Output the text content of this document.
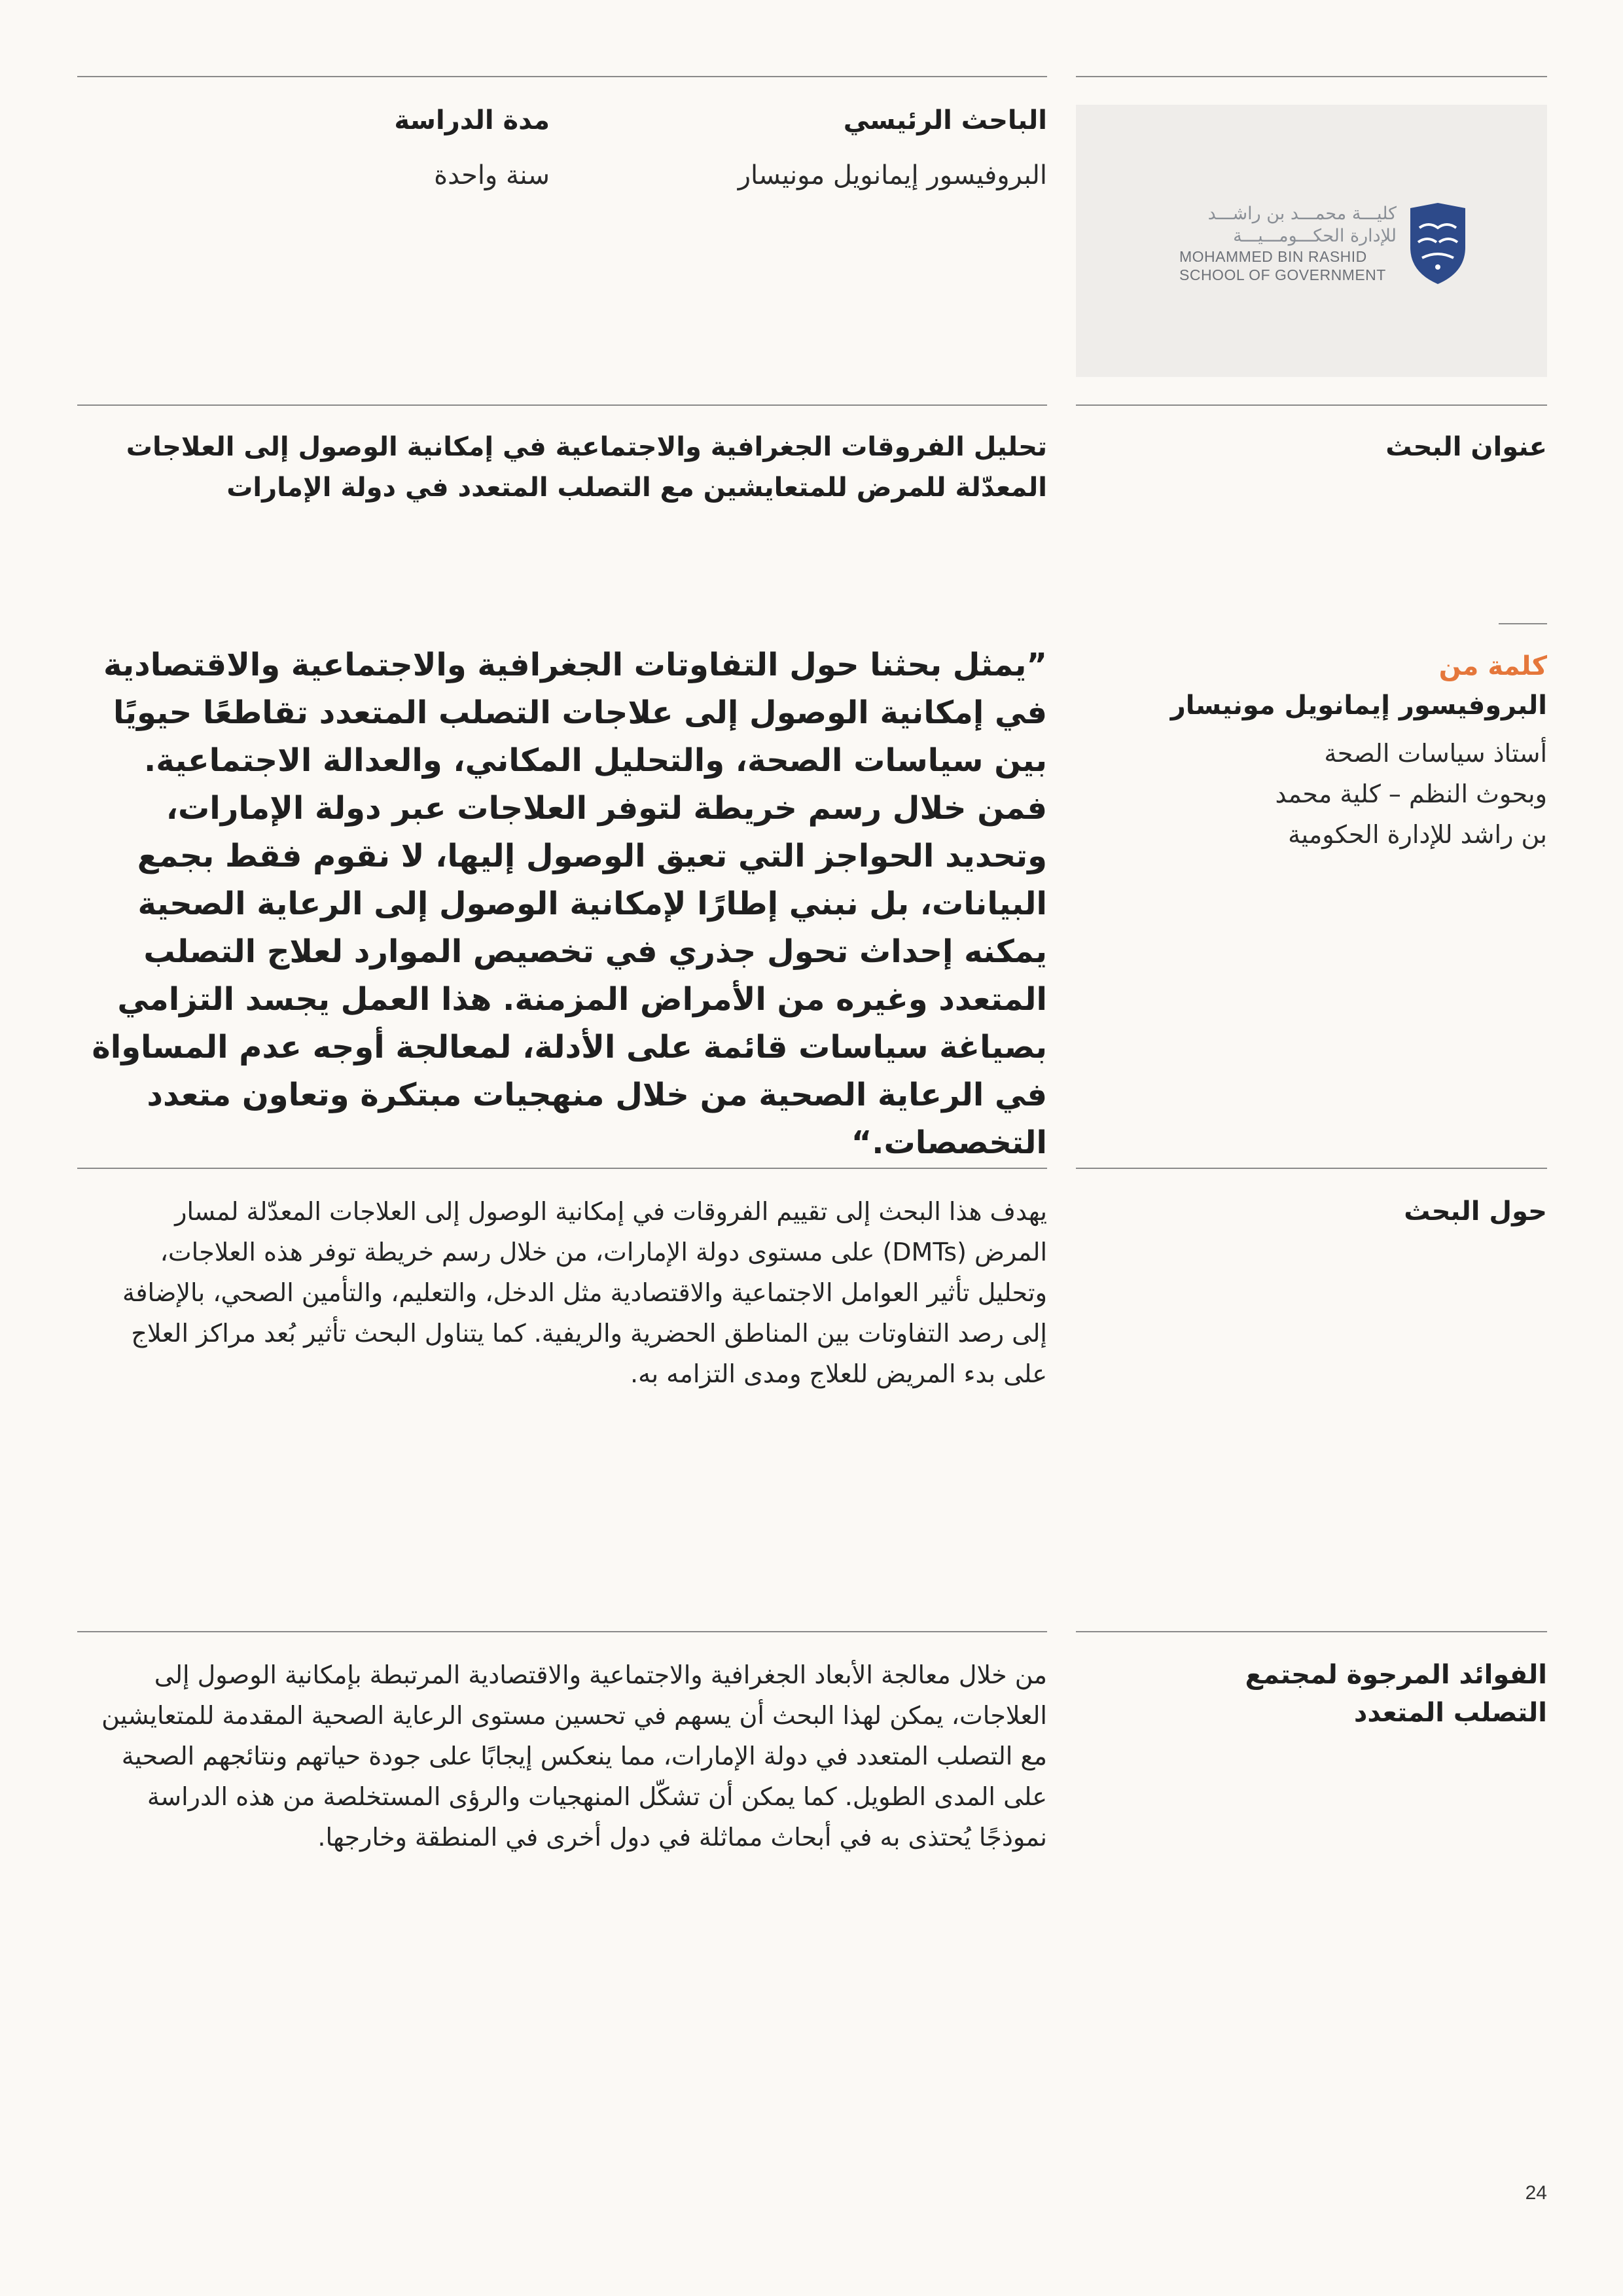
كليـــة محمـــد بن راشـــد
للإدارة الحكـــومـــيـــة
MOHAMMED BIN RASHID
SCHOOL OF GOVERNMENT
الباحث الرئيسي
البروفيسور إيمانويل مونيسار
مدة الدراسة
سنة واحدة
عنوان البحث
تحليل الفروقات الجغرافية والاجتماعية في إمكانية الوصول إلى العلاجات المعدّلة للمرض للمتعايشين مع التصلب المتعدد في دولة الإمارات
كلمة من
البروفيسور إيمانويل مونيسار
أستاذ سياسات الصحة وبحوث النظم – كلية محمد بن راشد للإدارة الحكومية
”يمثل بحثنا حول التفاوتات الجغرافية والاجتماعية والاقتصادية في إمكانية الوصول إلى علاجات التصلب المتعدد تقاطعًا حيويًا بين سياسات الصحة، والتحليل المكاني، والعدالة الاجتماعية. فمن خلال رسم خريطة لتوفر العلاجات عبر دولة الإمارات، وتحديد الحواجز التي تعيق الوصول إليها، لا نقوم فقط بجمع البيانات، بل نبني إطارًا لإمكانية الوصول إلى الرعاية الصحية يمكنه إحداث تحول جذري في تخصيص الموارد لعلاج التصلب المتعدد وغيره من الأمراض المزمنة. هذا العمل يجسد التزامي بصياغة سياسات قائمة على الأدلة، لمعالجة أوجه عدم المساواة في الرعاية الصحية من خلال منهجيات مبتكرة وتعاون متعدد التخصصات.“
حول البحث
يهدف هذا البحث إلى تقييم الفروقات في إمكانية الوصول إلى العلاجات المعدّلة لمسار المرض (DMTs) على مستوى دولة الإمارات، من خلال رسم خريطة توفر هذه العلاجات، وتحليل تأثير العوامل الاجتماعية والاقتصادية مثل الدخل، والتعليم، والتأمين الصحي، بالإضافة إلى رصد التفاوتات بين المناطق الحضرية والريفية. كما يتناول البحث تأثير بُعد مراكز العلاج على بدء المريض للعلاج ومدى التزامه به.
الفوائد المرجوة لمجتمع التصلب المتعدد
من خلال معالجة الأبعاد الجغرافية والاجتماعية والاقتصادية المرتبطة بإمكانية الوصول إلى العلاجات، يمكن لهذا البحث أن يسهم في تحسين مستوى الرعاية الصحية المقدمة للمتعايشين مع التصلب المتعدد في دولة الإمارات، مما ينعكس إيجابًا على جودة حياتهم ونتائجهم الصحية على المدى الطويل. كما يمكن أن تشكّل المنهجيات والرؤى المستخلصة من هذه الدراسة نموذجًا يُحتذى به في أبحاث مماثلة في دول أخرى في المنطقة وخارجها.
24
